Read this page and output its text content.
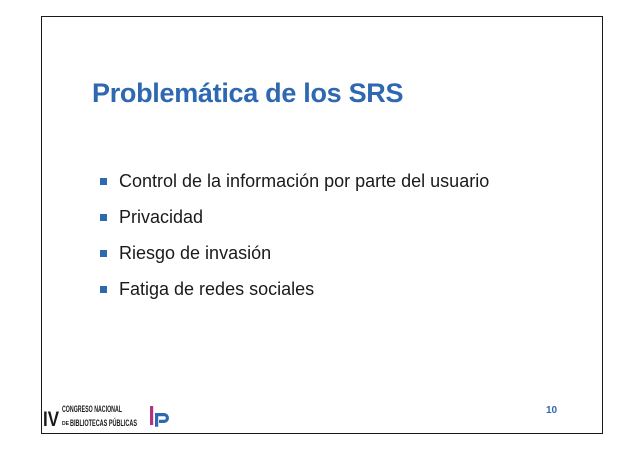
Problemática de los SRS
Control de la información por parte del usuario
Privacidad
Riesgo de invasión
Fatiga de redes sociales
IV CONGRESO NACIONAL
DE BIBLIOTECAS PÚBLICAS
10
